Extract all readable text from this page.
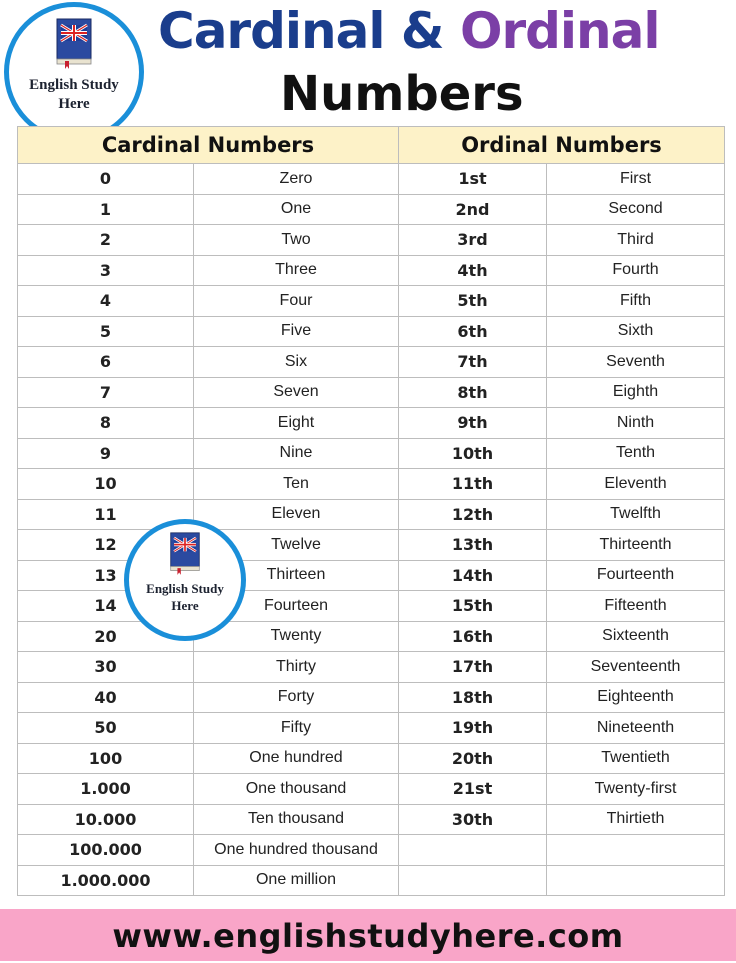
Cardinal & Ordinal
Numbers
English Study
Here
Cardinal Numbers		Ordinal Numbers	
0	Zero	1st	First
1	One	2nd	Second
2	Two	3rd	Third
3	Three	4th	Fourth
4	Four	5th	Fifth
5	Five	6th	Sixth
6	Six	7th	Seventh
7	Seven	8th	Eighth
8	Eight	9th	Ninth
9	Nine	10th	Tenth
10	Ten	11th	Eleventh
11	Eleven	12th	Twelfth
12	Twelve	13th	Thirteenth
13	Thirteen	14th	Fourteenth
14	Fourteen	15th	Fifteenth
20	Twenty	16th	Sixteenth
30	Thirty	17th	Seventeenth
40	Forty	18th	Eighteenth
50	Fifty	19th	Nineteenth
100	One hundred	20th	Twentieth
1.000	One thousand	21st	Twenty-first
10.000	Ten thousand	30th	Thirtieth
100.000	One hundred thousand		
1.000.000	One million		
English Study
Here
www.englishstudyhere.com
